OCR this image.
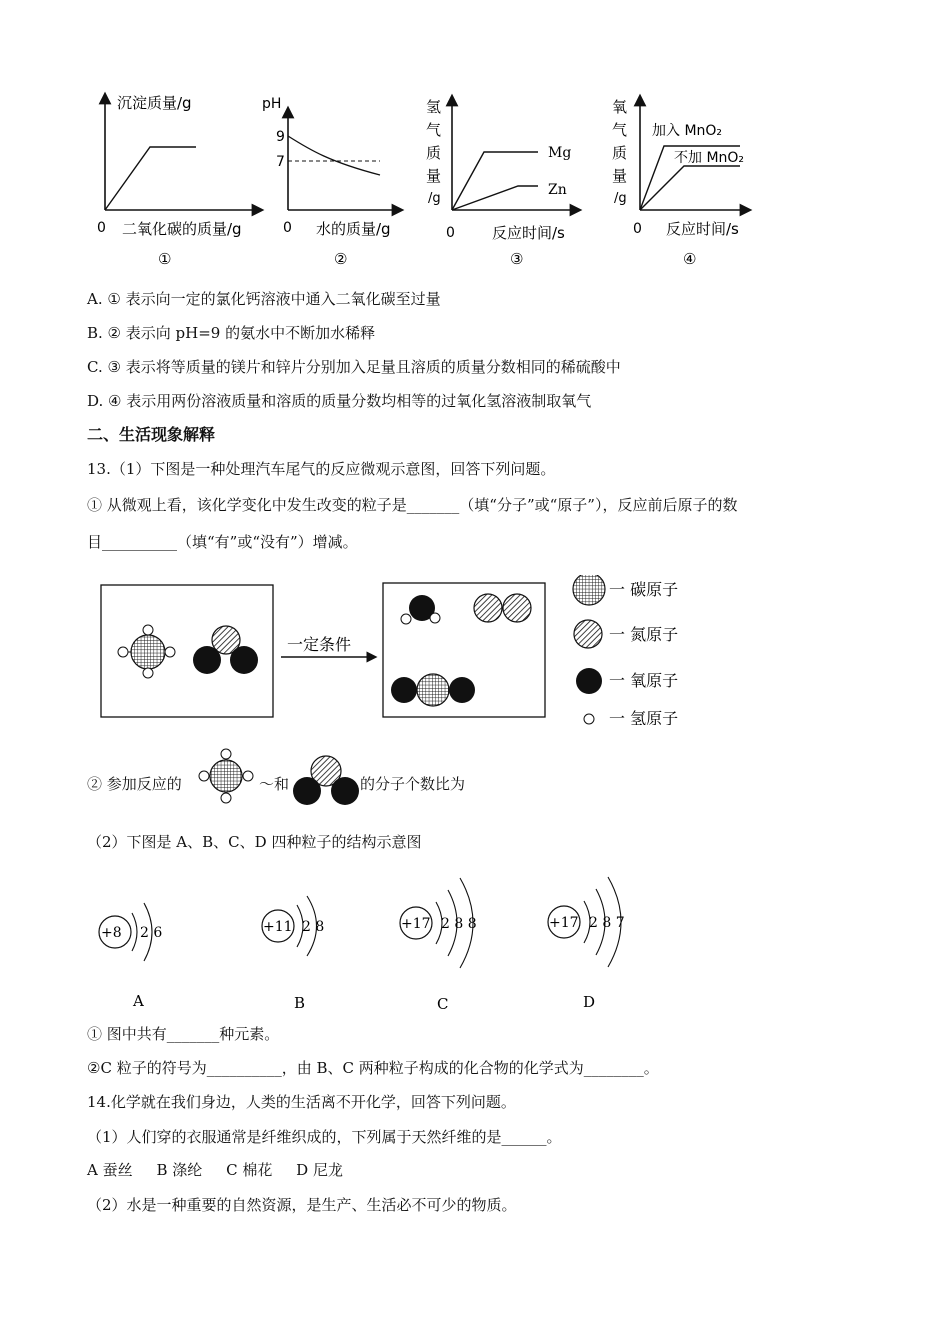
沉淀质量/g
0 二氧化碳的质量/g
①
pH
9
7
0 水的质量/g
②
氢
气
质
量
/g
Mg
Zn
0 反应时间/s
③
氧
气
质
量
/g
加入 MnO₂
不加 MnO₂
0 反应时间/s
④
A. ① 表示向一定的氯化钙溶液中通入二氧化碳至过量
B. ② 表示向 pH=9 的氨水中不断加水稀释
C. ③ 表示将等质量的镁片和锌片分别加入足量且溶质的质量分数相同的稀硫酸中
D. ④ 表示用两份溶液质量和溶质的质量分数均相等的过氧化氢溶液制取氧气
二、生活现象解释
13.（1）下图是一种处理汽车尾气的反应微观示意图，回答下列问题。
① 从微观上看，该化学变化中发生改变的粒子是_______（填“分子”或“原子”），反应前后原子的数
目__________（填“有”或“没有”）增减。
一定条件
一 碳原子
一 氮原子
一 氧原子
一 氢原子
② 参加反应的	～和	的分子个数比为
（2）下图是 A、B、C、D 四种粒子的结构示意图
+8 2 6
A
+11 2 8
B
+17 2 8 8
C
+17 2 8 7
D
① 图中共有_______种元素。
②C 粒子的符号为__________，由 B、C 两种粒子构成的化合物的化学式为________。
14.化学就在我们身边，人类的生活离不开化学，回答下列问题。
（1）人们穿的衣服通常是纤维织成的，下列属于天然纤维的是______。
A 蚕丝     B 涤纶     C 棉花     D 尼龙
（2）水是一种重要的自然资源，是生产、生活必不可少的物质。
